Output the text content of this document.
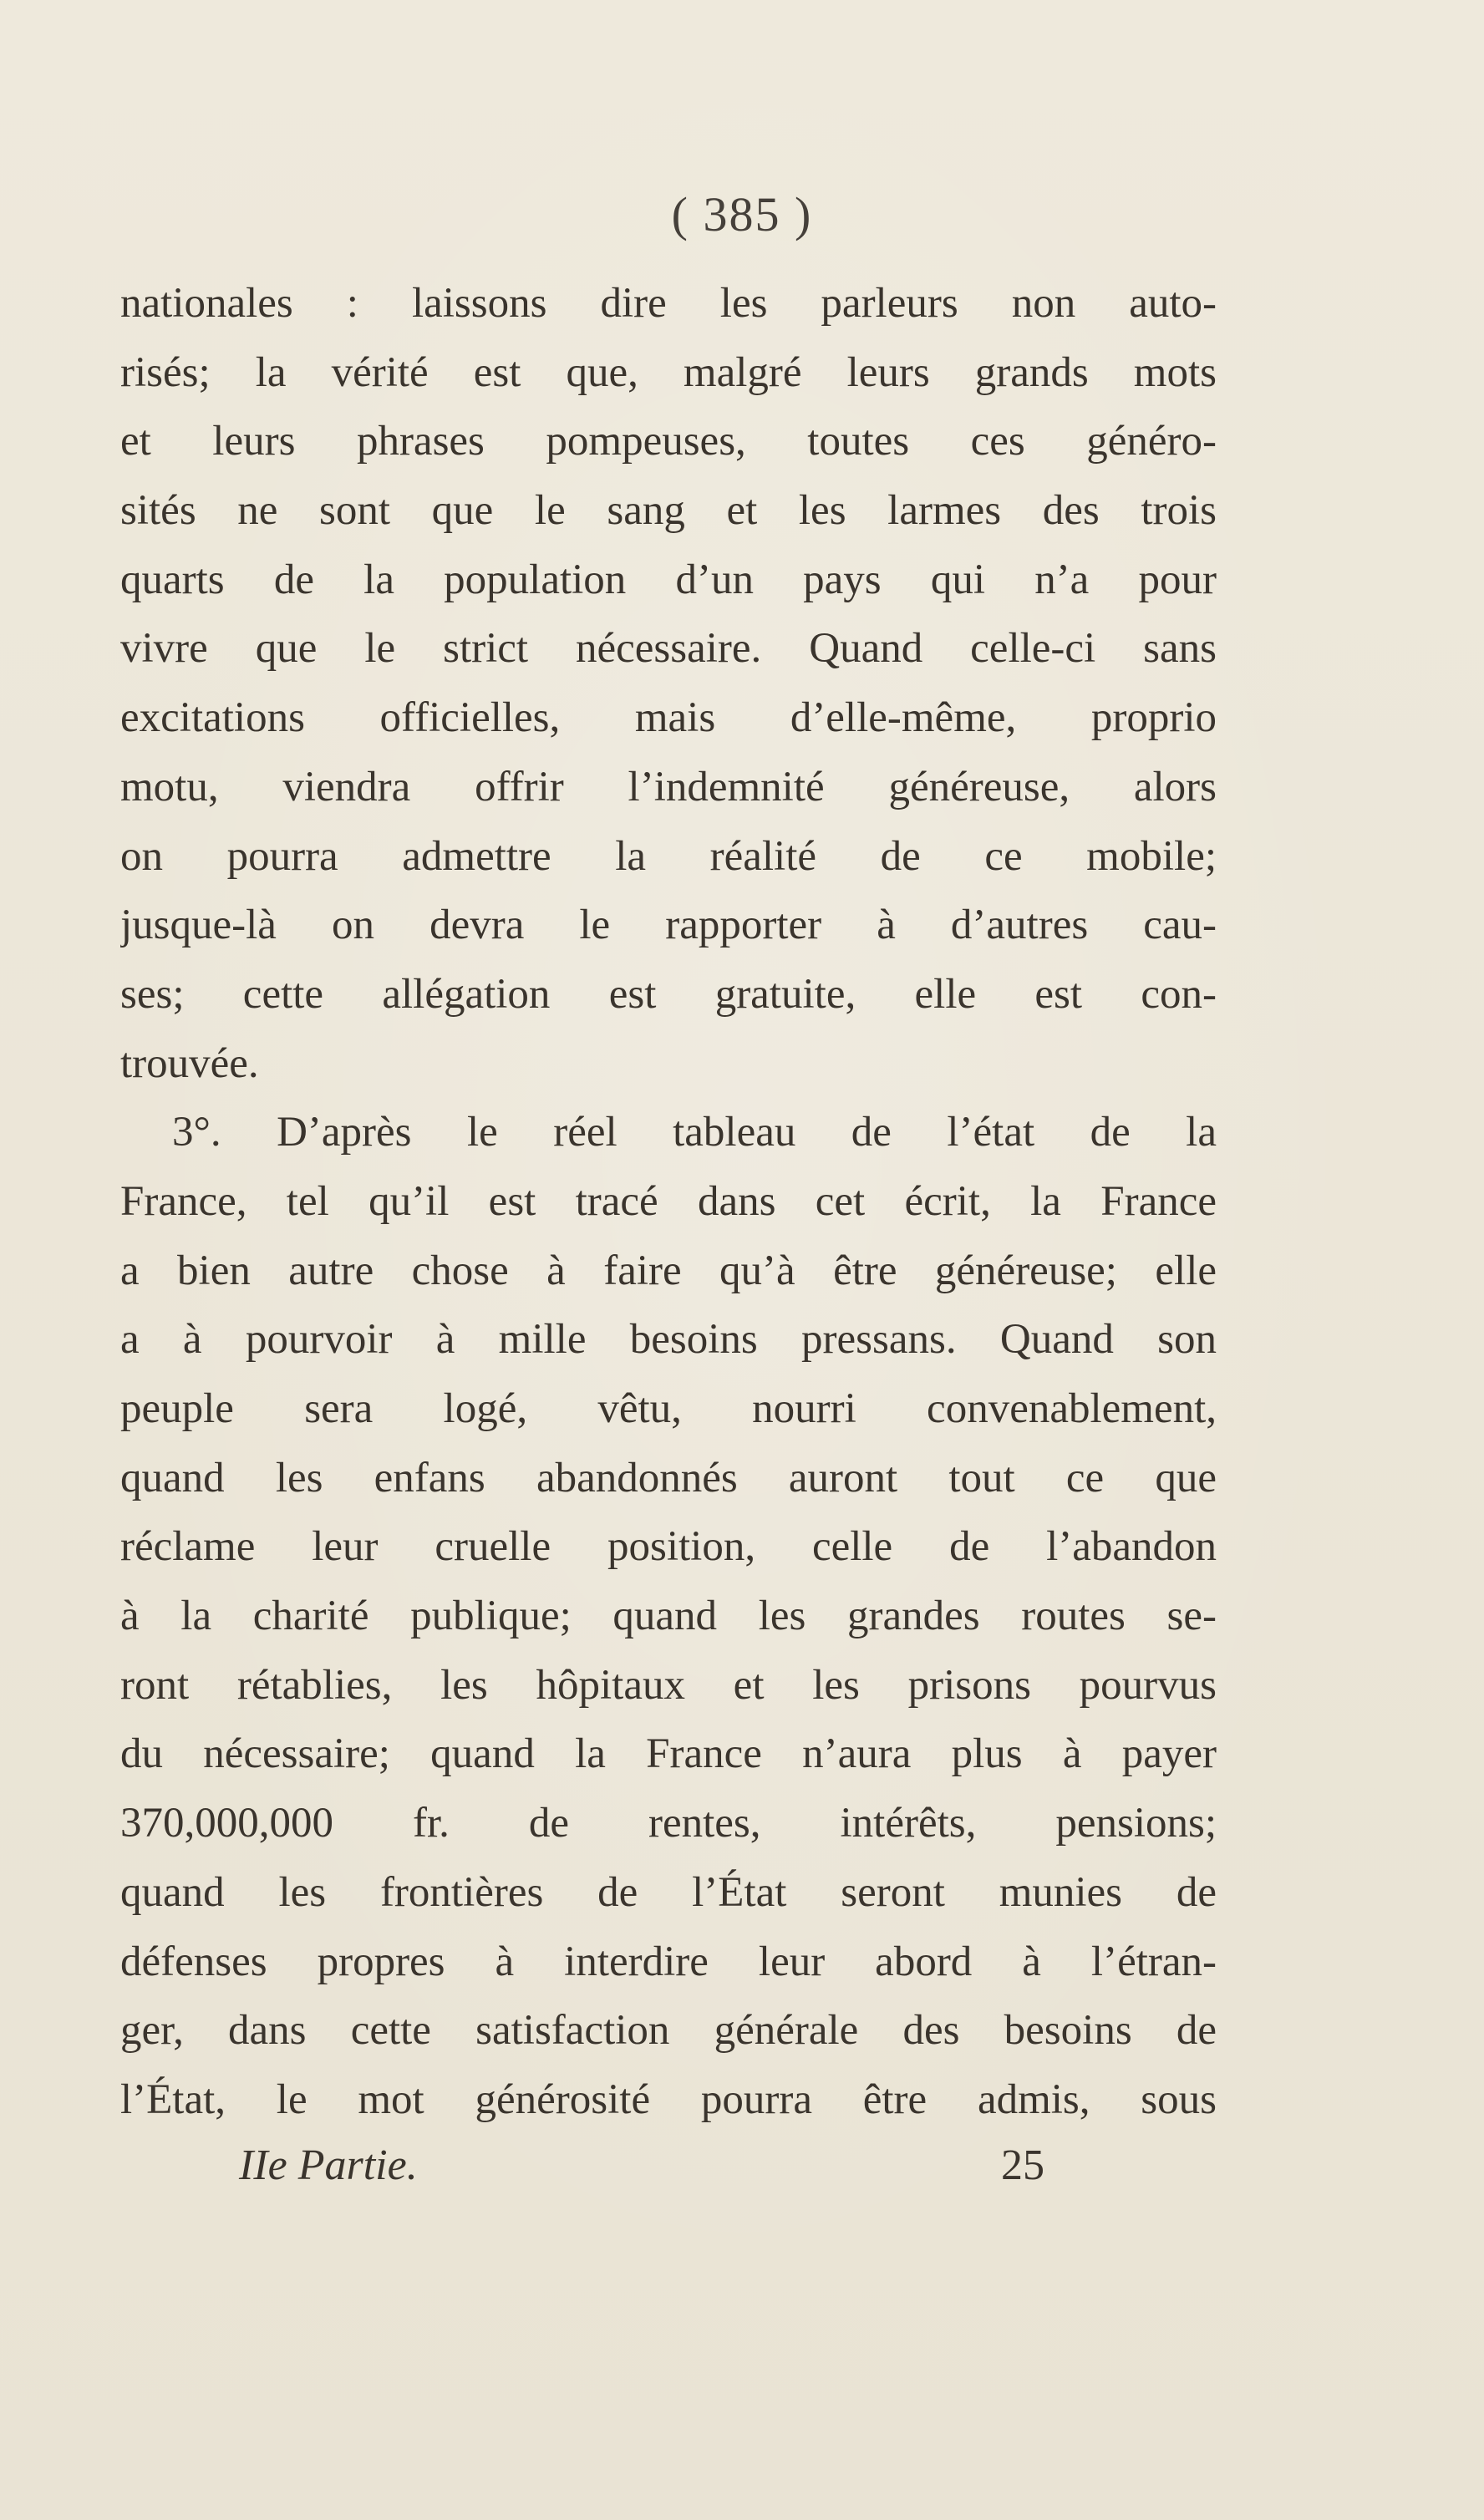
( 385 )
nationales : laissons dire les parleurs non auto-
risés; la vérité est que, malgré leurs grands mots
et leurs phrases pompeuses, toutes ces généro-
sités ne sont que le sang et les larmes des trois
quarts de la population d’un pays qui n’a pour
vivre que le strict nécessaire. Quand celle-ci sans
excitations officielles, mais d’elle-même, proprio
motu, viendra offrir l’indemnité généreuse, alors
on pourra admettre la réalité de ce mobile;
jusque-là on devra le rapporter à d’autres cau-
ses; cette allégation est gratuite, elle est con-
trouvée.
3°. D’après le réel tableau de l’état de la
France, tel qu’il est tracé dans cet écrit, la France
a bien autre chose à faire qu’à être généreuse; elle
a à pourvoir à mille besoins pressans. Quand son
peuple sera logé, vêtu, nourri convenablement,
quand les enfans abandonnés auront tout ce que
réclame leur cruelle position, celle de l’abandon
à la charité publique; quand les grandes routes se-
ront rétablies, les hôpitaux et les prisons pourvus
du nécessaire; quand la France n’aura plus à payer
370,000,000 fr. de rentes, intérêts, pensions;
quand les frontières de l’État seront munies de
défenses propres à interdire leur abord à l’étran-
ger, dans cette satisfaction générale des besoins de
l’État, le mot générosité pourra être admis, sous
IIe Partie.	25
